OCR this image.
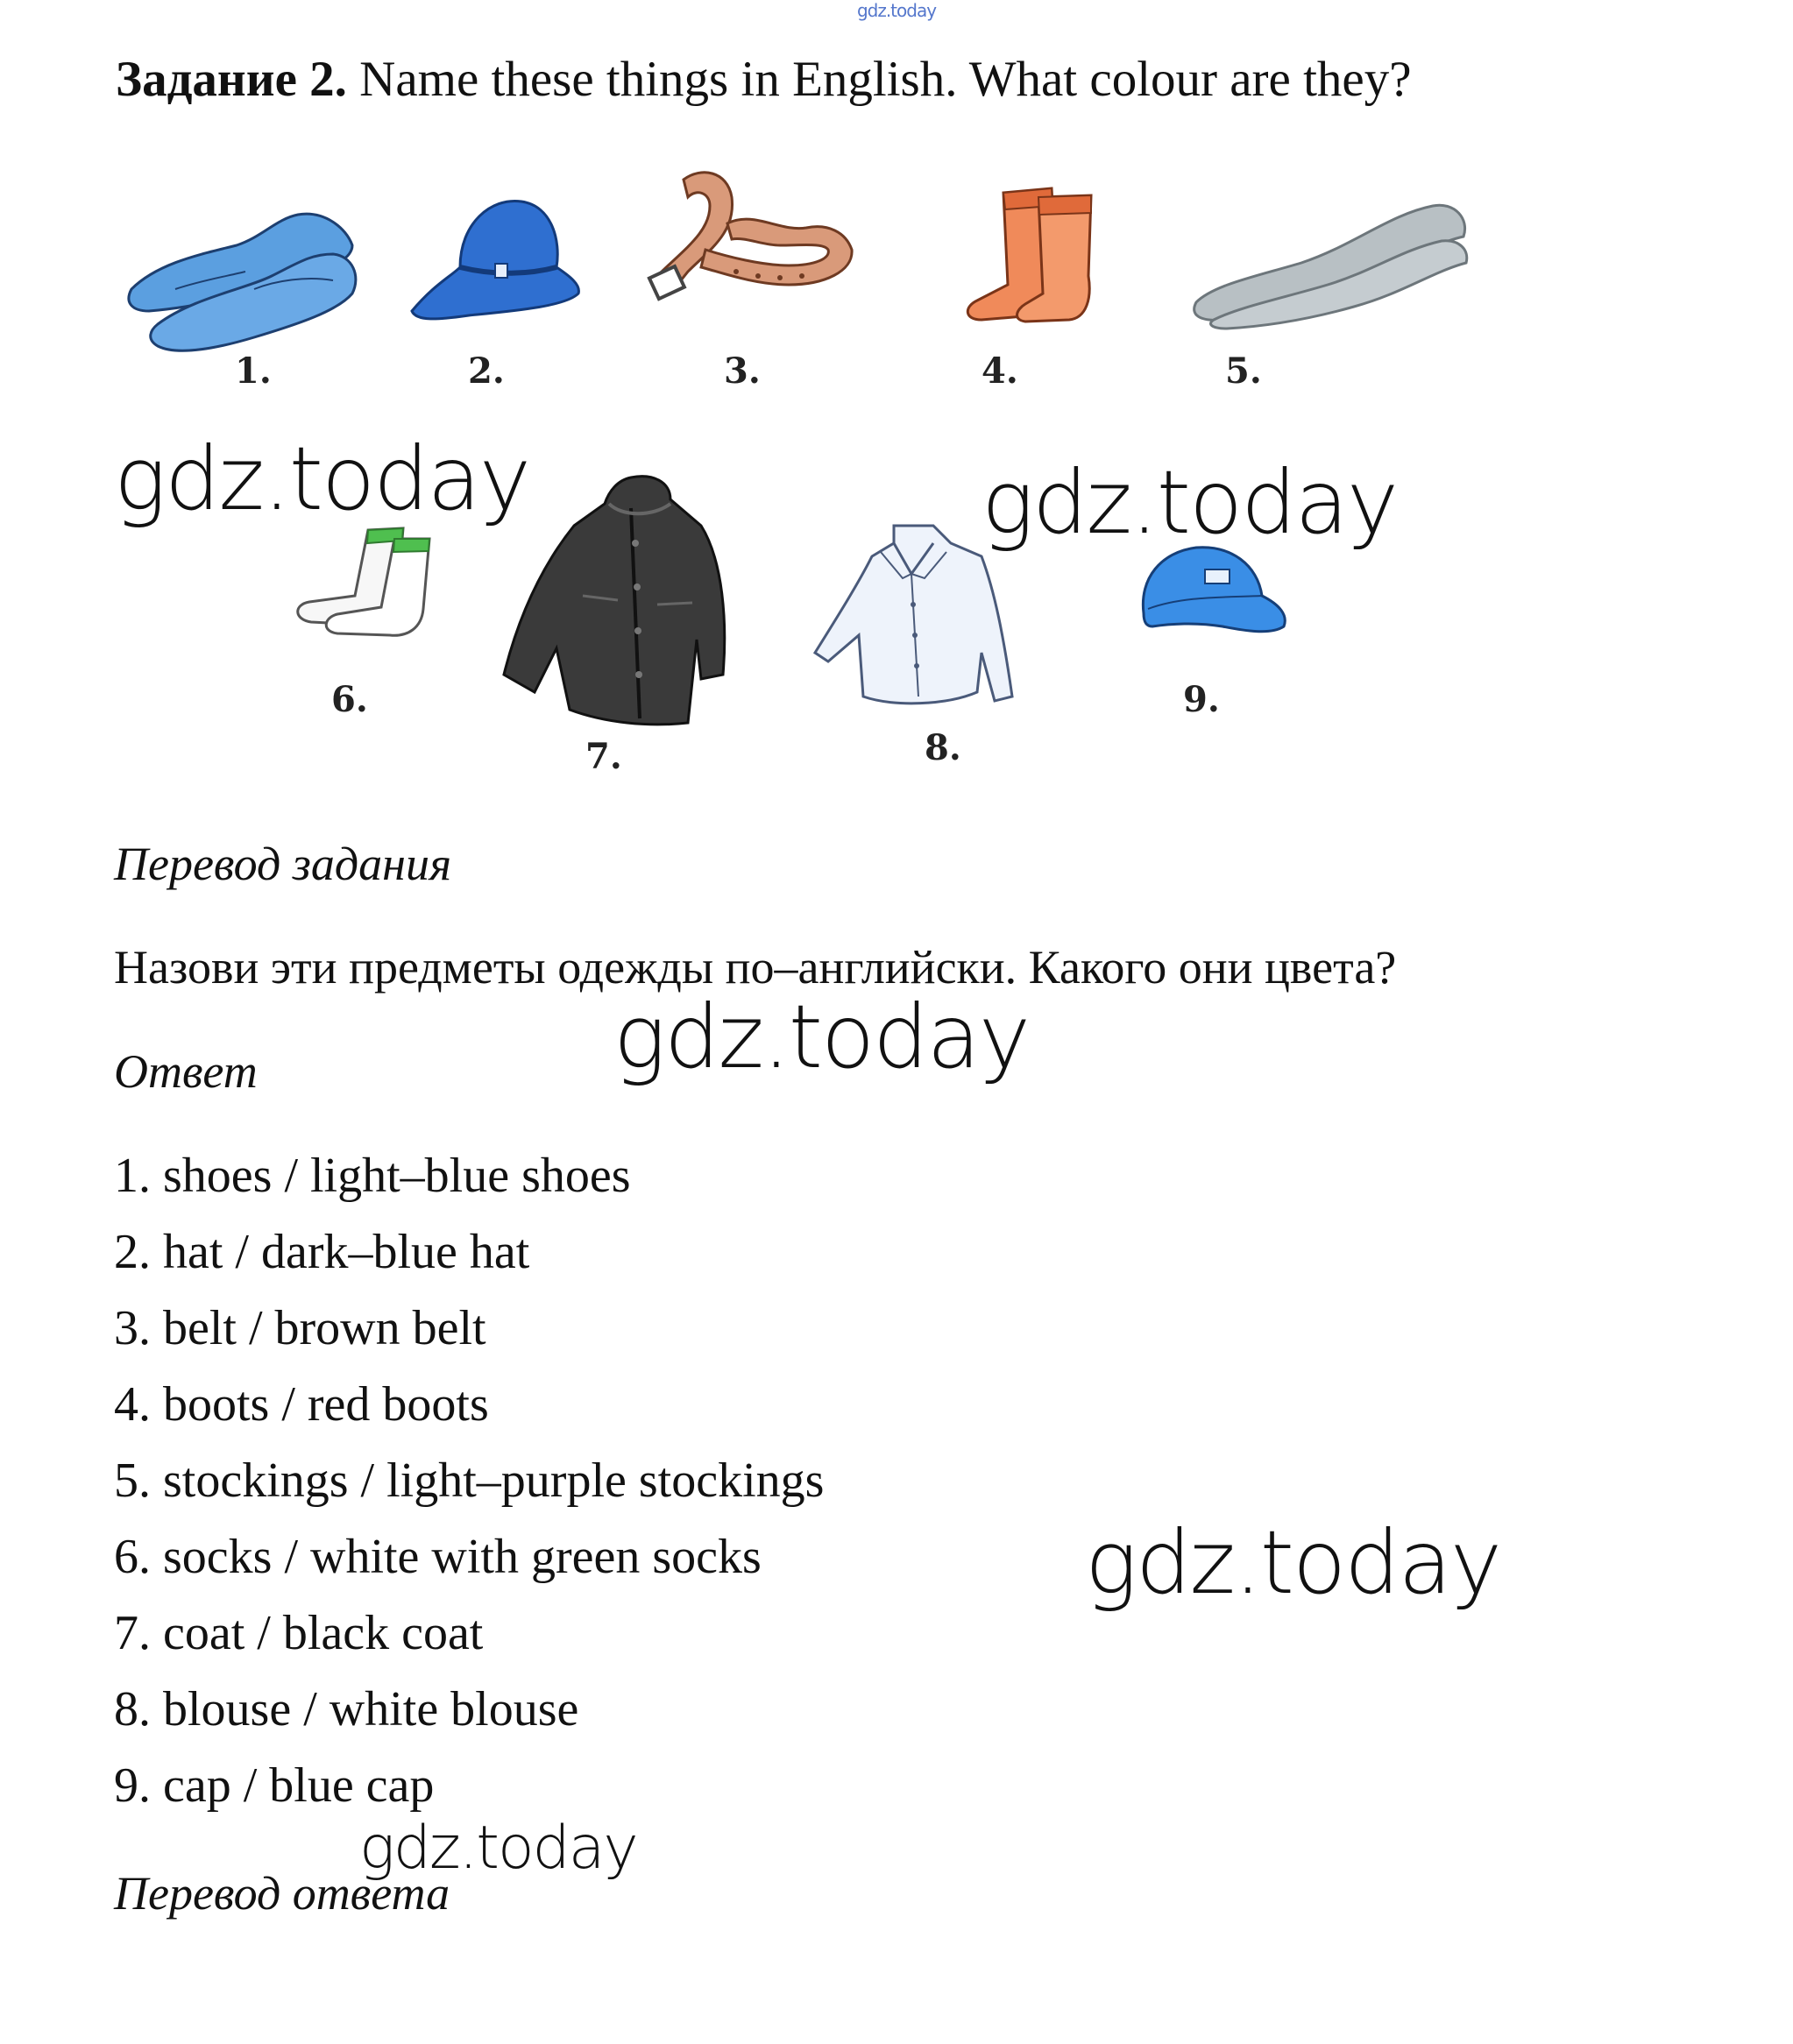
gdz.today
Задание 2. Name these things in English. What colour are they?
1.	2.	3.	4.	5.
6.
7.	8.
9.
gdz.today	gdz.today
gdz.today
gdz.today
gdz.today
Перевод задания
Назови эти предметы одежды по–английски. Какого они цвета?
Ответ
1. shoes / light–blue shoes
2. hat / dark–blue hat
3. belt / brown belt
4. boots / red boots
5. stockings / light–purple stockings
6. socks / white with green socks
7. coat / black coat
8. blouse / white blouse
9. cap / blue cap
Перевод ответа
